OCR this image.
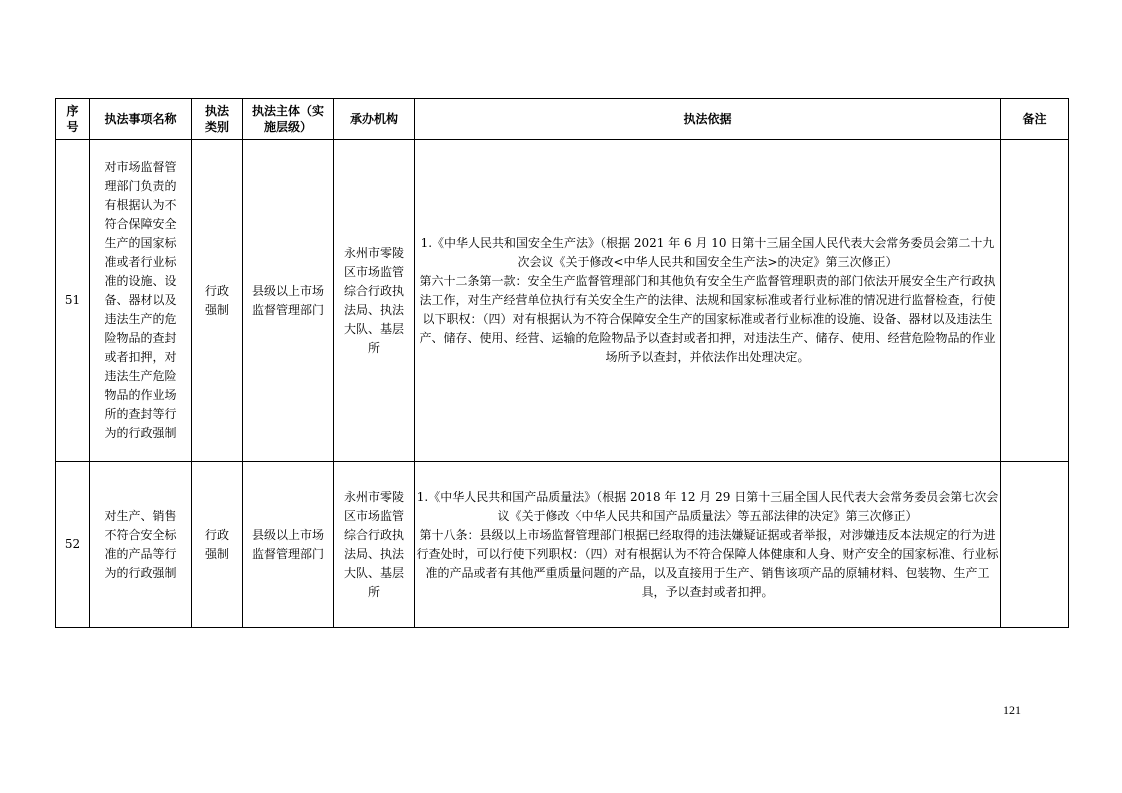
序号	执法事项名称	执法类别	执法主体（实施层级）	承办机构	执法依据	备注

51	对市场监督管理部门负责的有根据认为不符合保障安全生产的国家标准或者行业标准的设施、设备、器材以及违法生产的危险物品的查封或者扣押，对违法生产危险物品的作业场所的查封等行为的行政强制	行政强制	县级以上市场监督管理部门	永州市零陵区市场监管综合行政执法局、执法大队、基层所	1.《中华人民共和国安全生产法》（根据 2021 年 6 月 10 日第十三届全国人民代表大会常务委员会第二十九次会议《关于修改<中华人民共和国安全生产法>的决定》第三次修正）
第六十二条第一款：安全生产监督管理部门和其他负有安全生产监督管理职责的部门依法开展安全生产行政执法工作，对生产经营单位执行有关安全生产的法律、法规和国家标准或者行业标准的情况进行监督检查，行使以下职权：（四）对有根据认为不符合保障安全生产的国家标准或者行业标准的设施、设备、器材以及违法生产、储存、使用、经营、运输的危险物品予以查封或者扣押，对违法生产、储存、使用、经营危险物品的作业场所予以查封，并依法作出处理决定。	

52	对生产、销售不符合安全标准的产品等行为的行政强制	行政强制	县级以上市场监督管理部门	永州市零陵区市场监管综合行政执法局、执法大队、基层所	1.《中华人民共和国产品质量法》（根据 2018 年 12 月 29 日第十三届全国人民代表大会常务委员会第七次会议《关于修改〈中华人民共和国产品质量法〉等五部法律的决定》第三次修正）
第十八条：县级以上市场监督管理部门根据已经取得的违法嫌疑证据或者举报，对涉嫌违反本法规定的行为进行查处时，可以行使下列职权：（四）对有根据认为不符合保障人体健康和人身、财产安全的国家标准、行业标准的产品或者有其他严重质量问题的产品，以及直接用于生产、销售该项产品的原辅材料、包装物、生产工具，予以查封或者扣押。	

121
